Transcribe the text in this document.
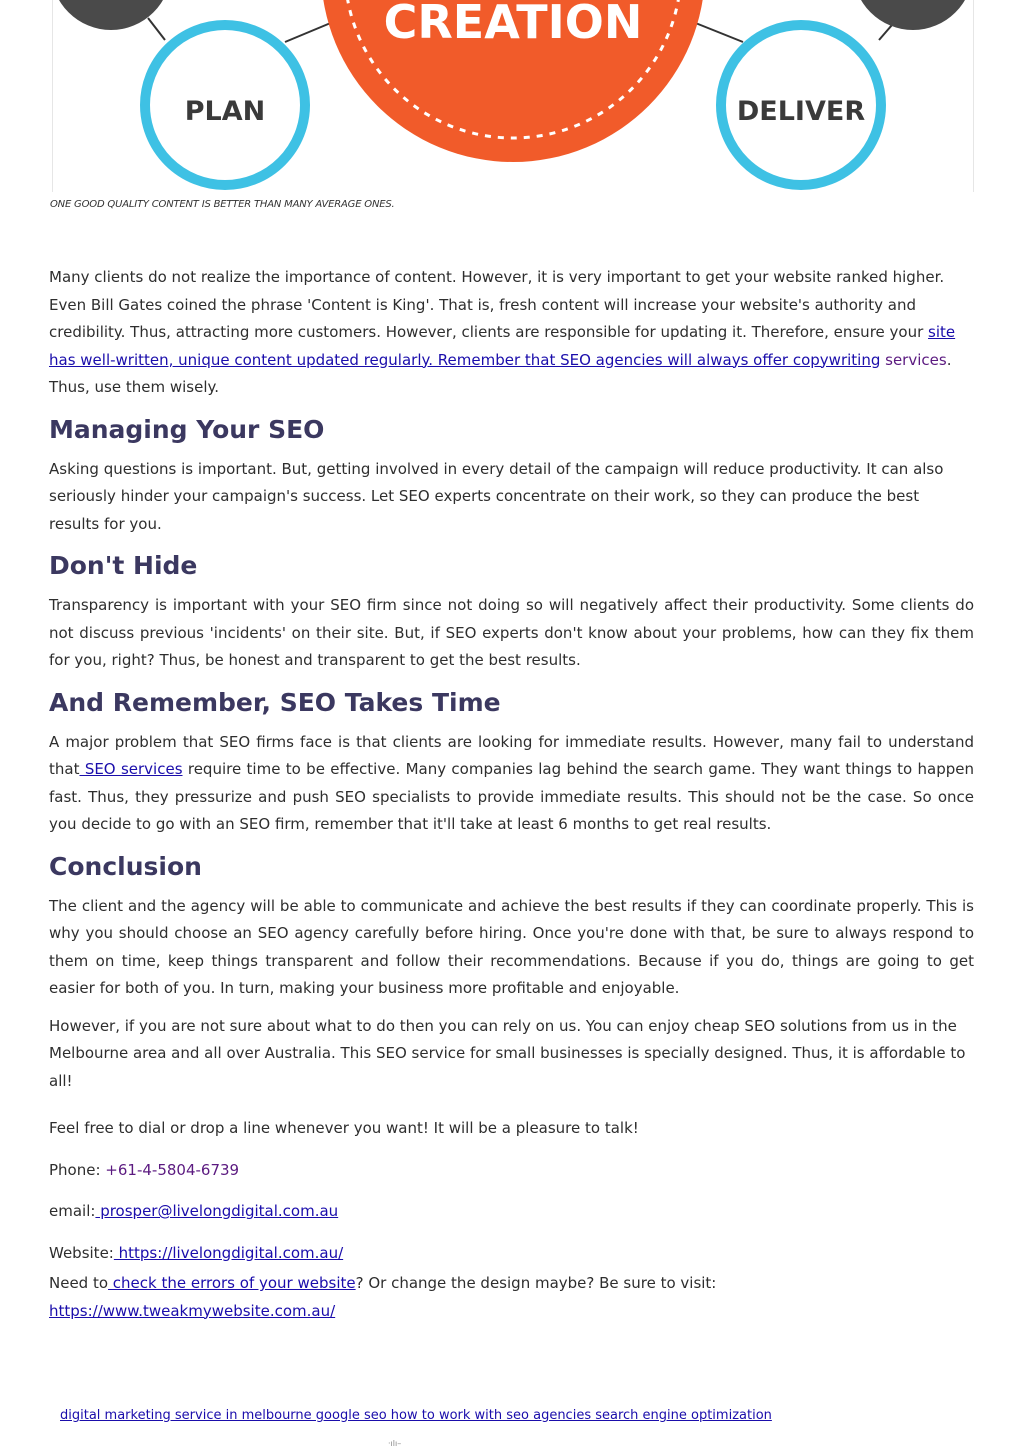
CREATION
PLAN	DELIVER
ONE GOOD QUALITY CONTENT IS BETTER THAN MANY AVERAGE ONES.

Many clients do not realize the importance of content. However, it is very important to get your website ranked higher. Even Bill Gates coined the phrase 'Content is King'. That is, fresh content will increase your website's authority and credibility. Thus, attracting more customers. However, clients are responsible for updating it. Therefore, ensure your site has well-written, unique content updated regularly. Remember that SEO agencies will always offer copywriting services. Thus, use them wisely.

Managing Your SEO

Asking questions is important. But, getting involved in every detail of the campaign will reduce productivity. It can also seriously hinder your campaign's success. Let SEO experts concentrate on their work, so they can produce the best results for you.

Don't Hide

Transparency is important with your SEO firm since not doing so will negatively affect their productivity. Some clients do not discuss previous 'incidents' on their site. But, if SEO experts don't know about your problems, how can they fix them for you, right? Thus, be honest and transparent to get the best results.

And Remember, SEO Takes Time

A major problem that SEO firms face is that clients are looking for immediate results. However, many fail to understand that SEO services require time to be effective. Many companies lag behind the search game. They want things to happen fast. Thus, they pressurize and push SEO specialists to provide immediate results. This should not be the case. So once you decide to go with an SEO firm, remember that it'll take at least 6 months to get real results.

Conclusion

The client and the agency will be able to communicate and achieve the best results if they can coordinate properly. This is why you should choose an SEO agency carefully before hiring. Once you're done with that, be sure to always respond to them on time, keep things transparent and follow their recommendations. Because if you do, things are going to get easier for both of you. In turn, making your business more profitable and enjoyable.

However, if you are not sure about what to do then you can rely on us. You can enjoy cheap SEO solutions from us in the Melbourne area and all over Australia. This SEO service for small businesses is specially designed. Thus, it is affordable to all!

Feel free to dial or drop a line whenever you want! It will be a pleasure to talk!

Phone: +61-4-5804-6739

email: prosper@livelongdigital.com.au

Website: https://livelongdigital.com.au/

Need to check the errors of your website? Or change the design maybe? Be sure to visit: https://www.tweakmywebsite.com.au/

digital marketing service in melbourne google seo how to work with seo agencies search engine optimization
·ılı–
